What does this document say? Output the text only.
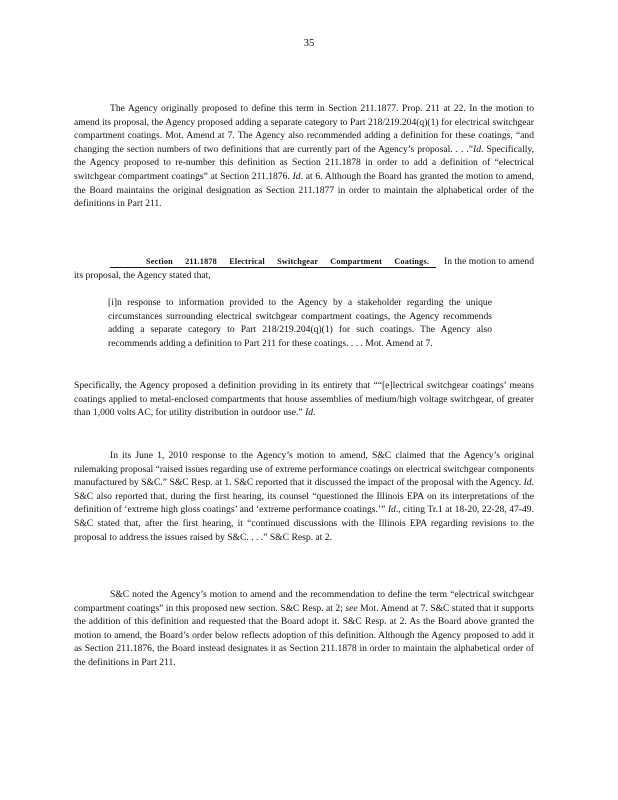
35

The Agency originally proposed to define this term in Section 211.1877. Prop. 211 at 22. In the motion to amend its proposal, the Agency proposed adding a separate category to Part 218/219.204(q)(1) for electrical switchgear compartment coatings. Mot. Amend at 7. The Agency also recommended adding a definition for these coatings, “and changing the section numbers of two definitions that are currently part of the Agency’s proposal. . . .”Id. Specifically, the Agency proposed to re-number this definition as Section 211.1878 in order to add a definition of “electrical switchgear compartment coatings” at Section 211.1876. Id. at 6. Although the Board has granted the motion to amend, the Board maintains the original designation as Section 211.1877 in order to maintain the alphabetical order of the definitions in Part 211.

Section 211.1878 Electrical Switchgear Compartment Coatings. In the motion to amend its proposal, the Agency stated that,

[i]n response to information provided to the Agency by a stakeholder regarding the unique circumstances surrounding electrical switchgear compartment coatings, the Agency recommends adding a separate category to Part 218/219.204(q)(1) for such coatings. The Agency also recommends adding a definition to Part 211 for these coatings. . . . Mot. Amend at 7.

Specifically, the Agency proposed a definition providing in its entirety that ““[e]lectrical switchgear coatings’ means coatings applied to metal-enclosed compartments that house assemblies of medium/high voltage switchgear, of greater than 1,000 volts AC, for utility distribution in outdoor use.” Id.

In its June 1, 2010 response to the Agency’s motion to amend, S&C claimed that the Agency’s original rulemaking proposal “raised issues regarding use of extreme performance coatings on electrical switchgear components manufactured by S&C.” S&C Resp. at 1. S&C reported that it discussed the impact of the proposal with the Agency. Id. S&C also reported that, during the first hearing, its counsel “questioned the Illinois EPA on its interpretations of the definition of ‘extreme high gloss coatings’ and ‘extreme performance coatings.’” Id., citing Tr.1 at 18-20, 22-28, 47-49. S&C stated that, after the first hearing, it “continued discussions with the Illinois EPA regarding revisions to the proposal to address the issues raised by S&C. . . .” S&C Resp. at 2.

S&C noted the Agency’s motion to amend and the recommendation to define the term “electrical switchgear compartment coatings” in this proposed new section. S&C Resp. at 2; see Mot. Amend at 7. S&C stated that it supports the addition of this definition and requested that the Board adopt it. S&C Resp. at 2. As the Board above granted the motion to amend, the Board’s order below reflects adoption of this definition. Although the Agency proposed to add it as Section 211.1876, the Board instead designates it as Section 211.1878 in order to maintain the alphabetical order of the definitions in Part 211.
